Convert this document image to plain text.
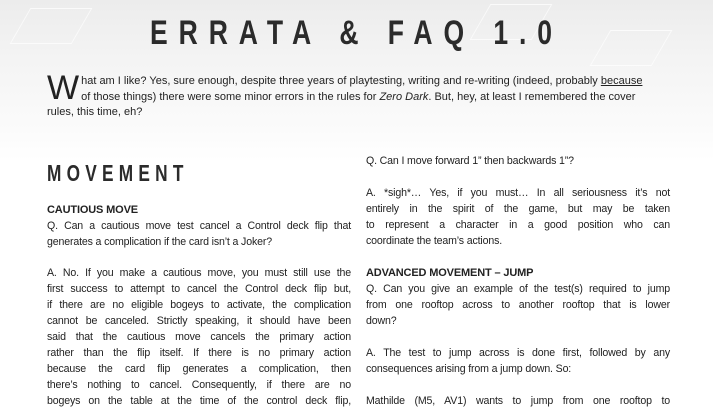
ERRATA & FAQ 1.0
What am I like? Yes, sure enough, despite three years of playtesting, writing and re-writing (indeed, probably because
of those things) there were some minor errors in the rules for Zero Dark. But, hey, at least I remembered the cover
rules, this time, eh?
MOVEMENT
CAUTIOUS MOVE
Q. Can a cautious move test cancel a Control deck flip that
generates a complication if the card isn’t a Joker?
A. No. If you make a cautious move, you must still use the
first success to attempt to cancel the Control deck flip but,
if there are no eligible bogeys to activate, the complication
cannot be canceled. Strictly speaking, it should have been
said that the cautious move cancels the primary action
rather than the flip itself. If there is no primary action
because the card flip generates a complication, then
there’s nothing to cancel. Consequently, if there are no
bogeys on the table at the time of the control deck flip,
Q. Can I move forward 1” then backwards 1”?
A. *sigh*… Yes, if you must… In all seriousness it’s not
entirely in the spirit of the game, but may be taken
to represent a character in a good position who can
coordinate the team’s actions.
ADVANCED MOVEMENT – JUMP
Q. Can you give an example of the test(s) required to jump
from one rooftop across to another rooftop that is lower
down?
A. The test to jump across is done first, followed by any
consequences arising from a jump down. So:
Mathilde (M5, AV1) wants to jump from one rooftop to
